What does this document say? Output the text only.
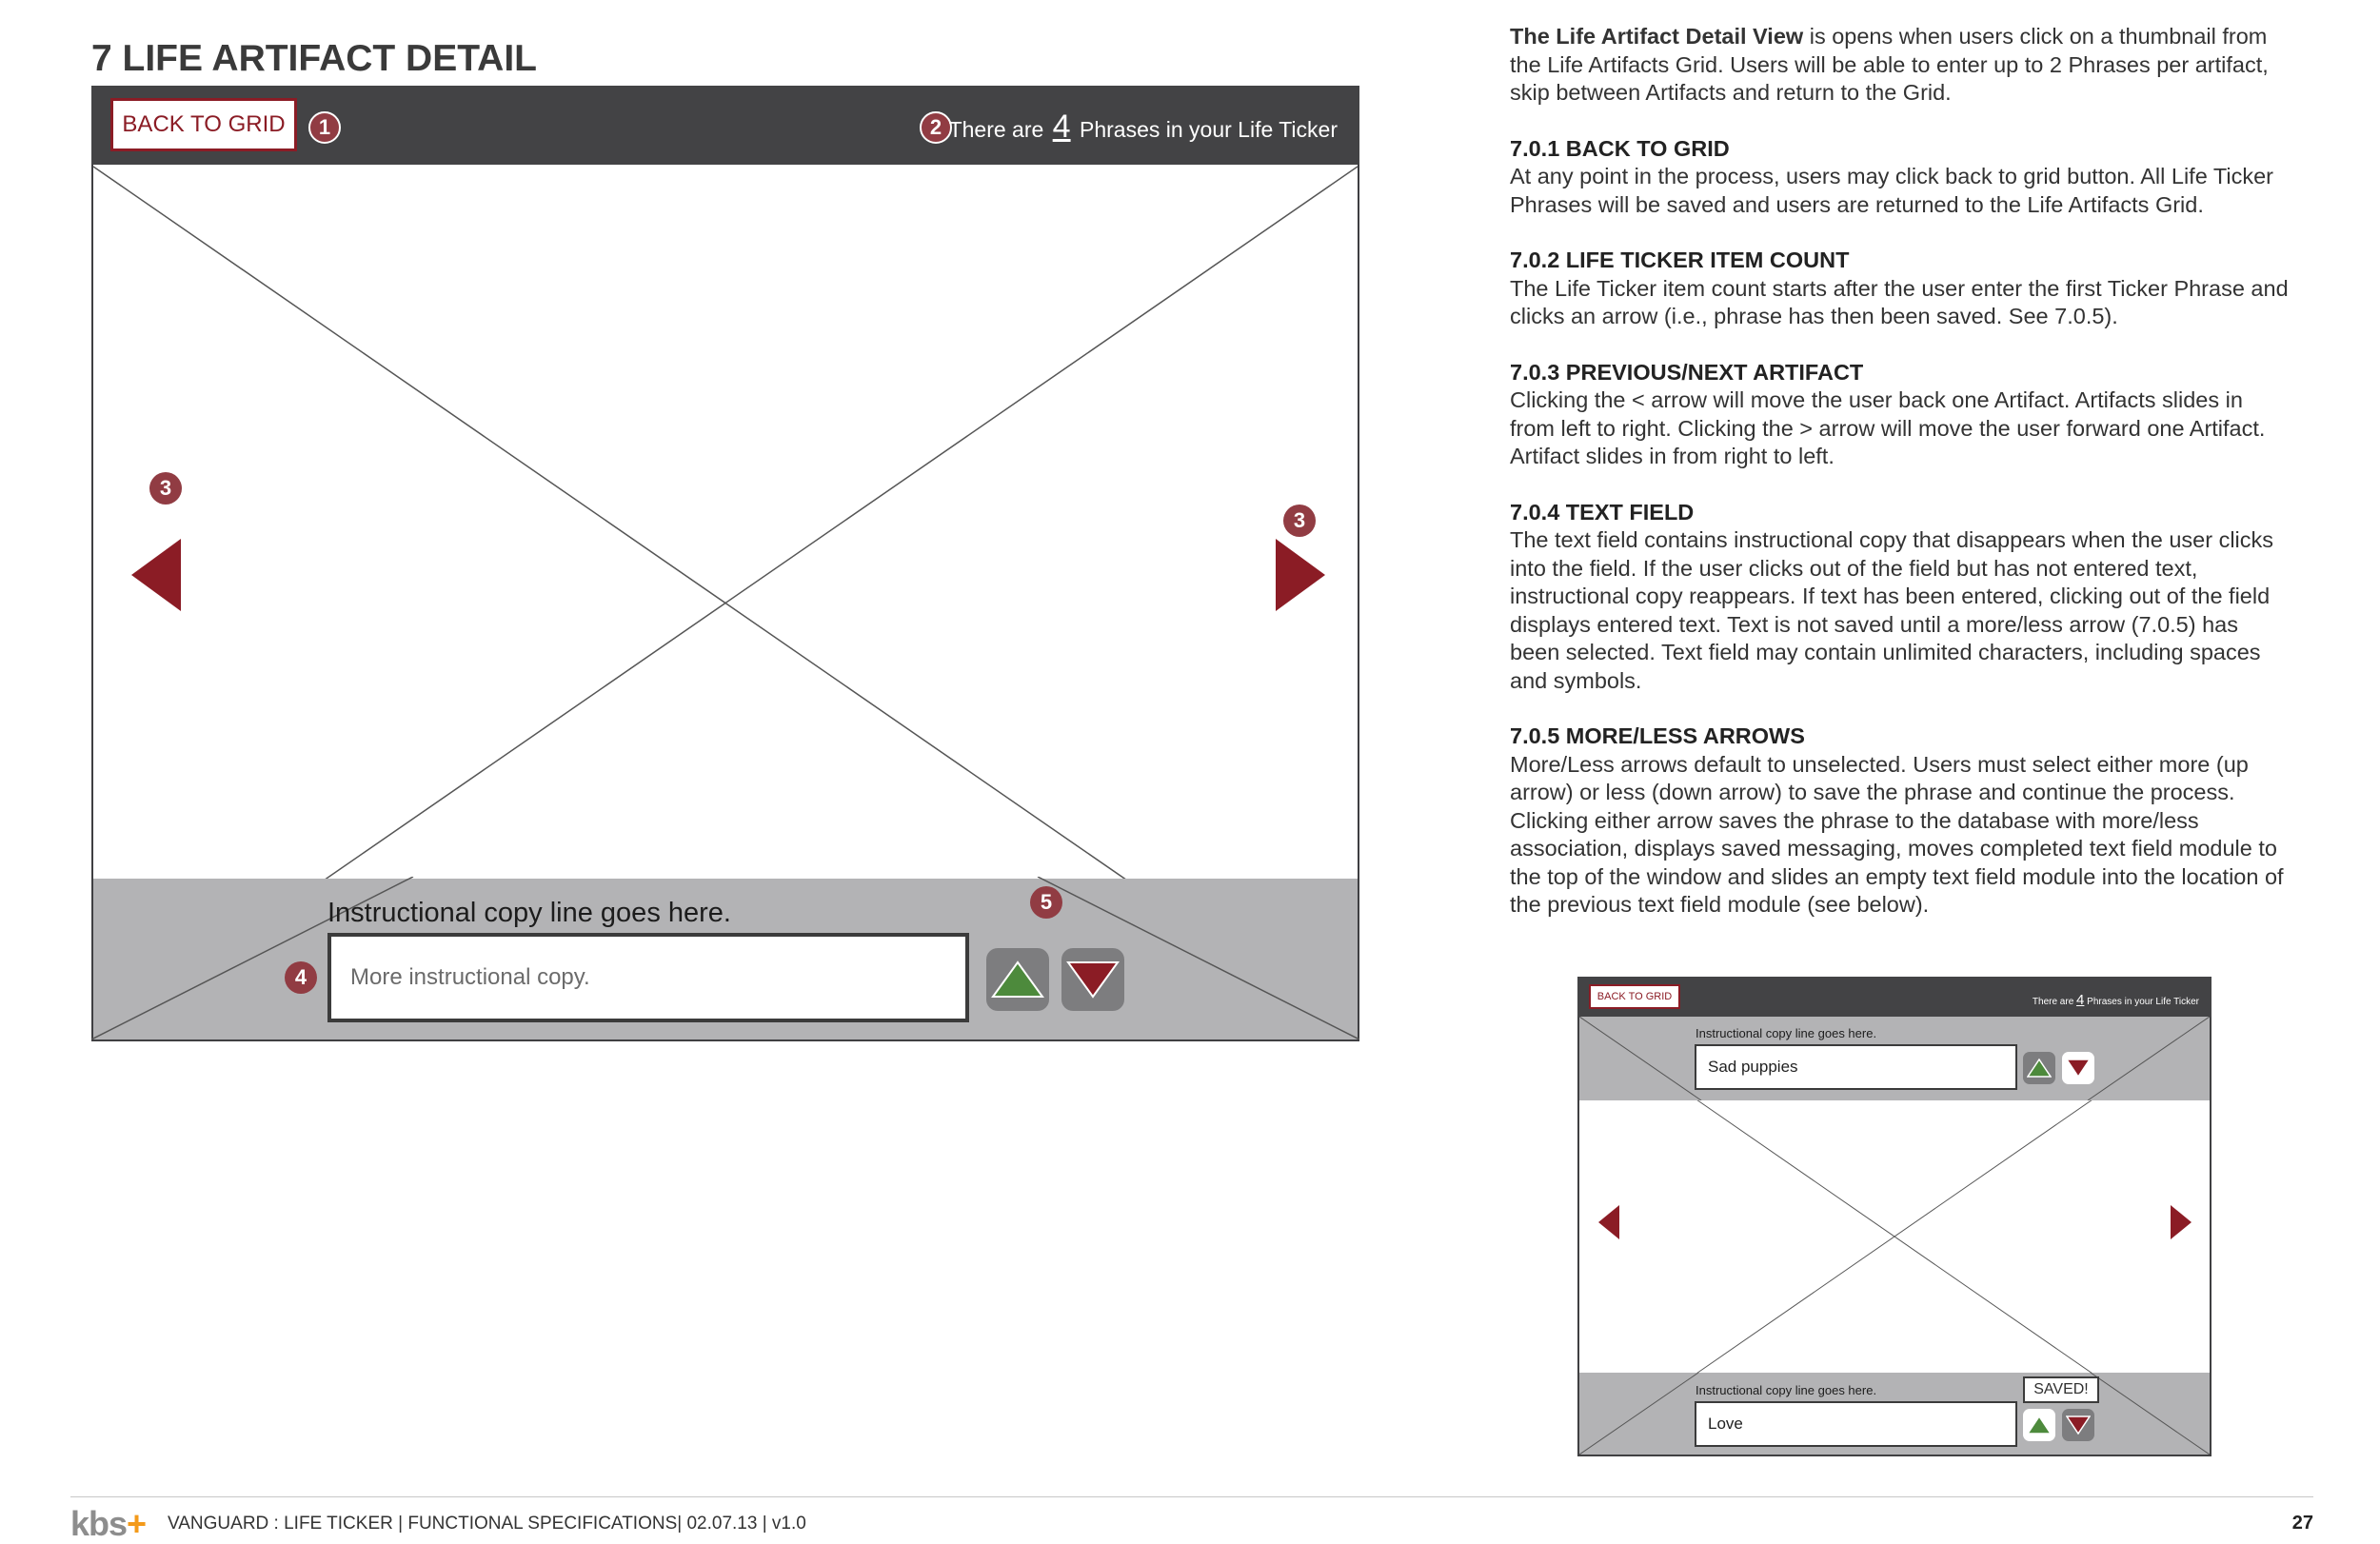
7 LIFE ARTIFACT DETAIL
BACK TO GRID	1	2 There are 4 Phrases in your Life Ticker
3
3
Instructional copy line goes here.
4
More instructional copy.
5

The Life Artifact Detail View is opens when users click on a thumbnail from the Life Artifacts Grid. Users will be able to enter up to 2 Phrases per artifact, skip between Artifacts and return to the Grid.

7.0.1 BACK TO GRID
At any point in the process, users may click back to grid button. All Life Ticker Phrases will be saved and users are returned to the Life Artifacts Grid.
7.0.2 LIFE TICKER ITEM COUNT
The Life Ticker item count starts after the user enter the first Ticker Phrase and clicks an arrow (i.e., phrase has then been saved. See 7.0.5).
7.0.3 PREVIOUS/NEXT ARTIFACT
Clicking the < arrow will move the user back one Artifact. Artifacts slides in from left to right. Clicking the > arrow will move the user forward one Artifact. Artifact slides in from right to left.
7.0.4 TEXT FIELD
The text field contains instructional copy that disappears when the user clicks into the field. If the user clicks out of the field but has not entered text, instructional copy reappears. If text has been entered, clicking out of the field displays entered text. Text is not saved until a more/less arrow (7.0.5) has been selected. Text field may contain unlimited characters, including spaces and symbols.
7.0.5 MORE/LESS ARROWS
More/Less arrows default to unselected. Users must select either more (up arrow) or less (down arrow) to save the phrase and continue the process. Clicking either arrow saves the phrase to the database with more/less association, displays saved messaging, moves completed text field module to the top of the window and slides an empty text field module into the location of the previous text field module (see below).
BACK TO GRID	There are 4 Phrases in your Life Ticker
Instructional copy line goes here.
Sad puppies
Instructional copy line goes here.	SAVED!
Love
kbs+ VANGUARD : LIFE TICKER | FUNCTIONAL SPECIFICATIONS| 02.07.13 | v1.0	27
